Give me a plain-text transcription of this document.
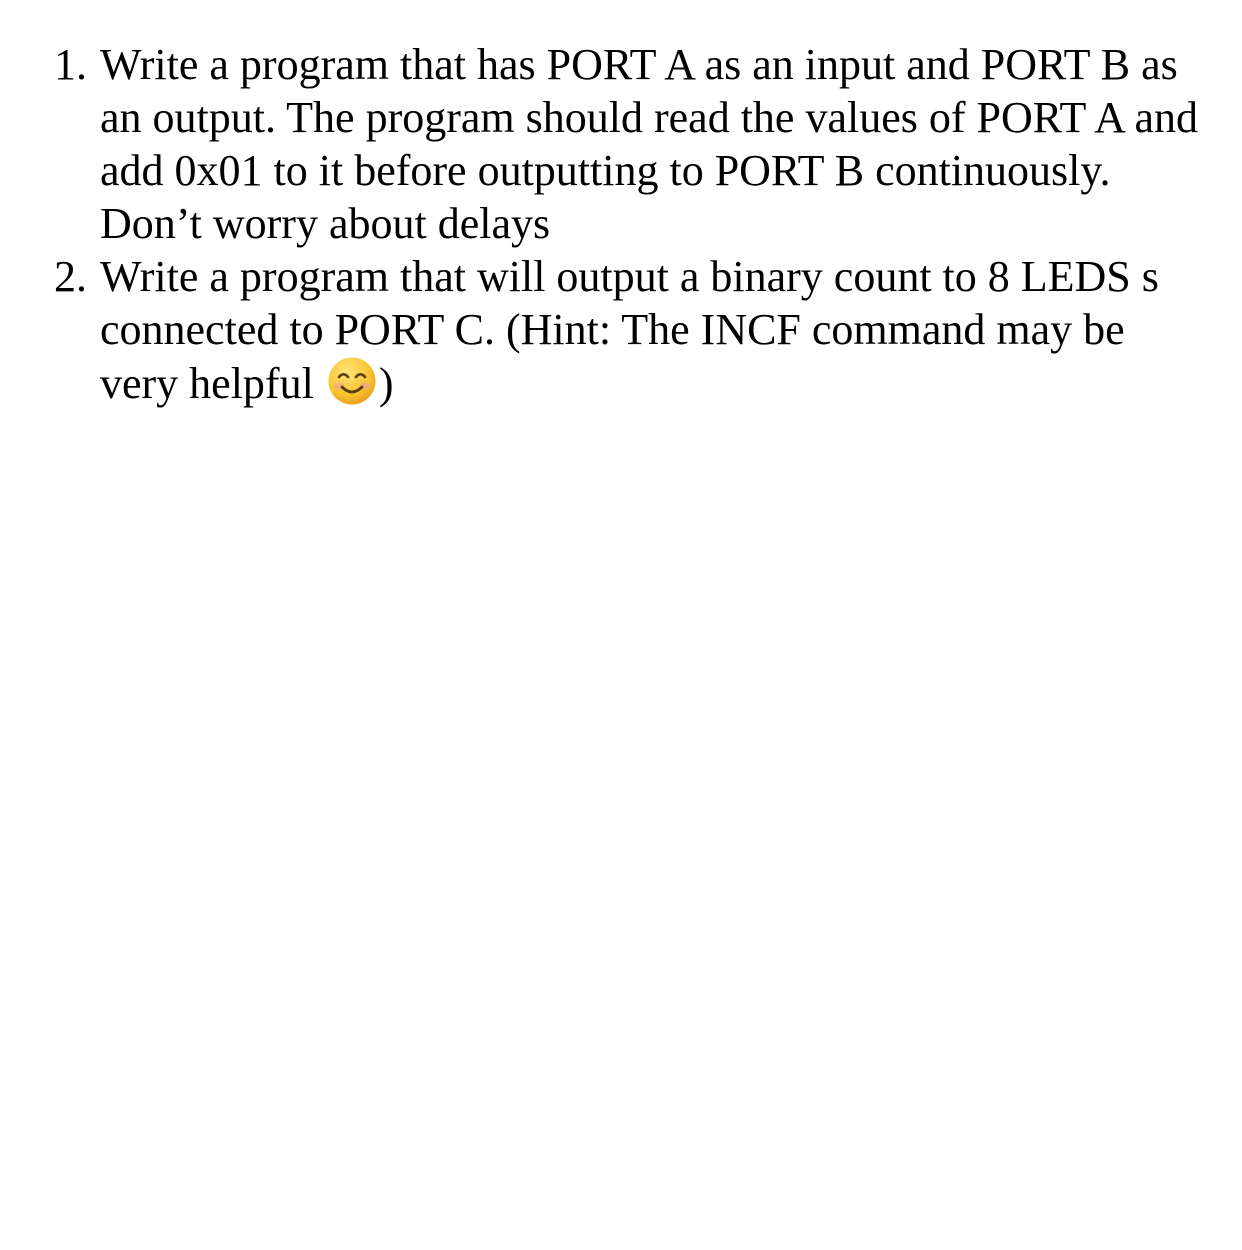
1. Write a program that has PORT A as an input and PORT B as an output. The program should read the values of PORT A and add 0x01 to it before outputting to PORT B continuously. Don’t worry about delays
2. Write a program that will output a binary count to 8 LEDS s connected to PORT C. (Hint: The INCF command may be very helpful )
